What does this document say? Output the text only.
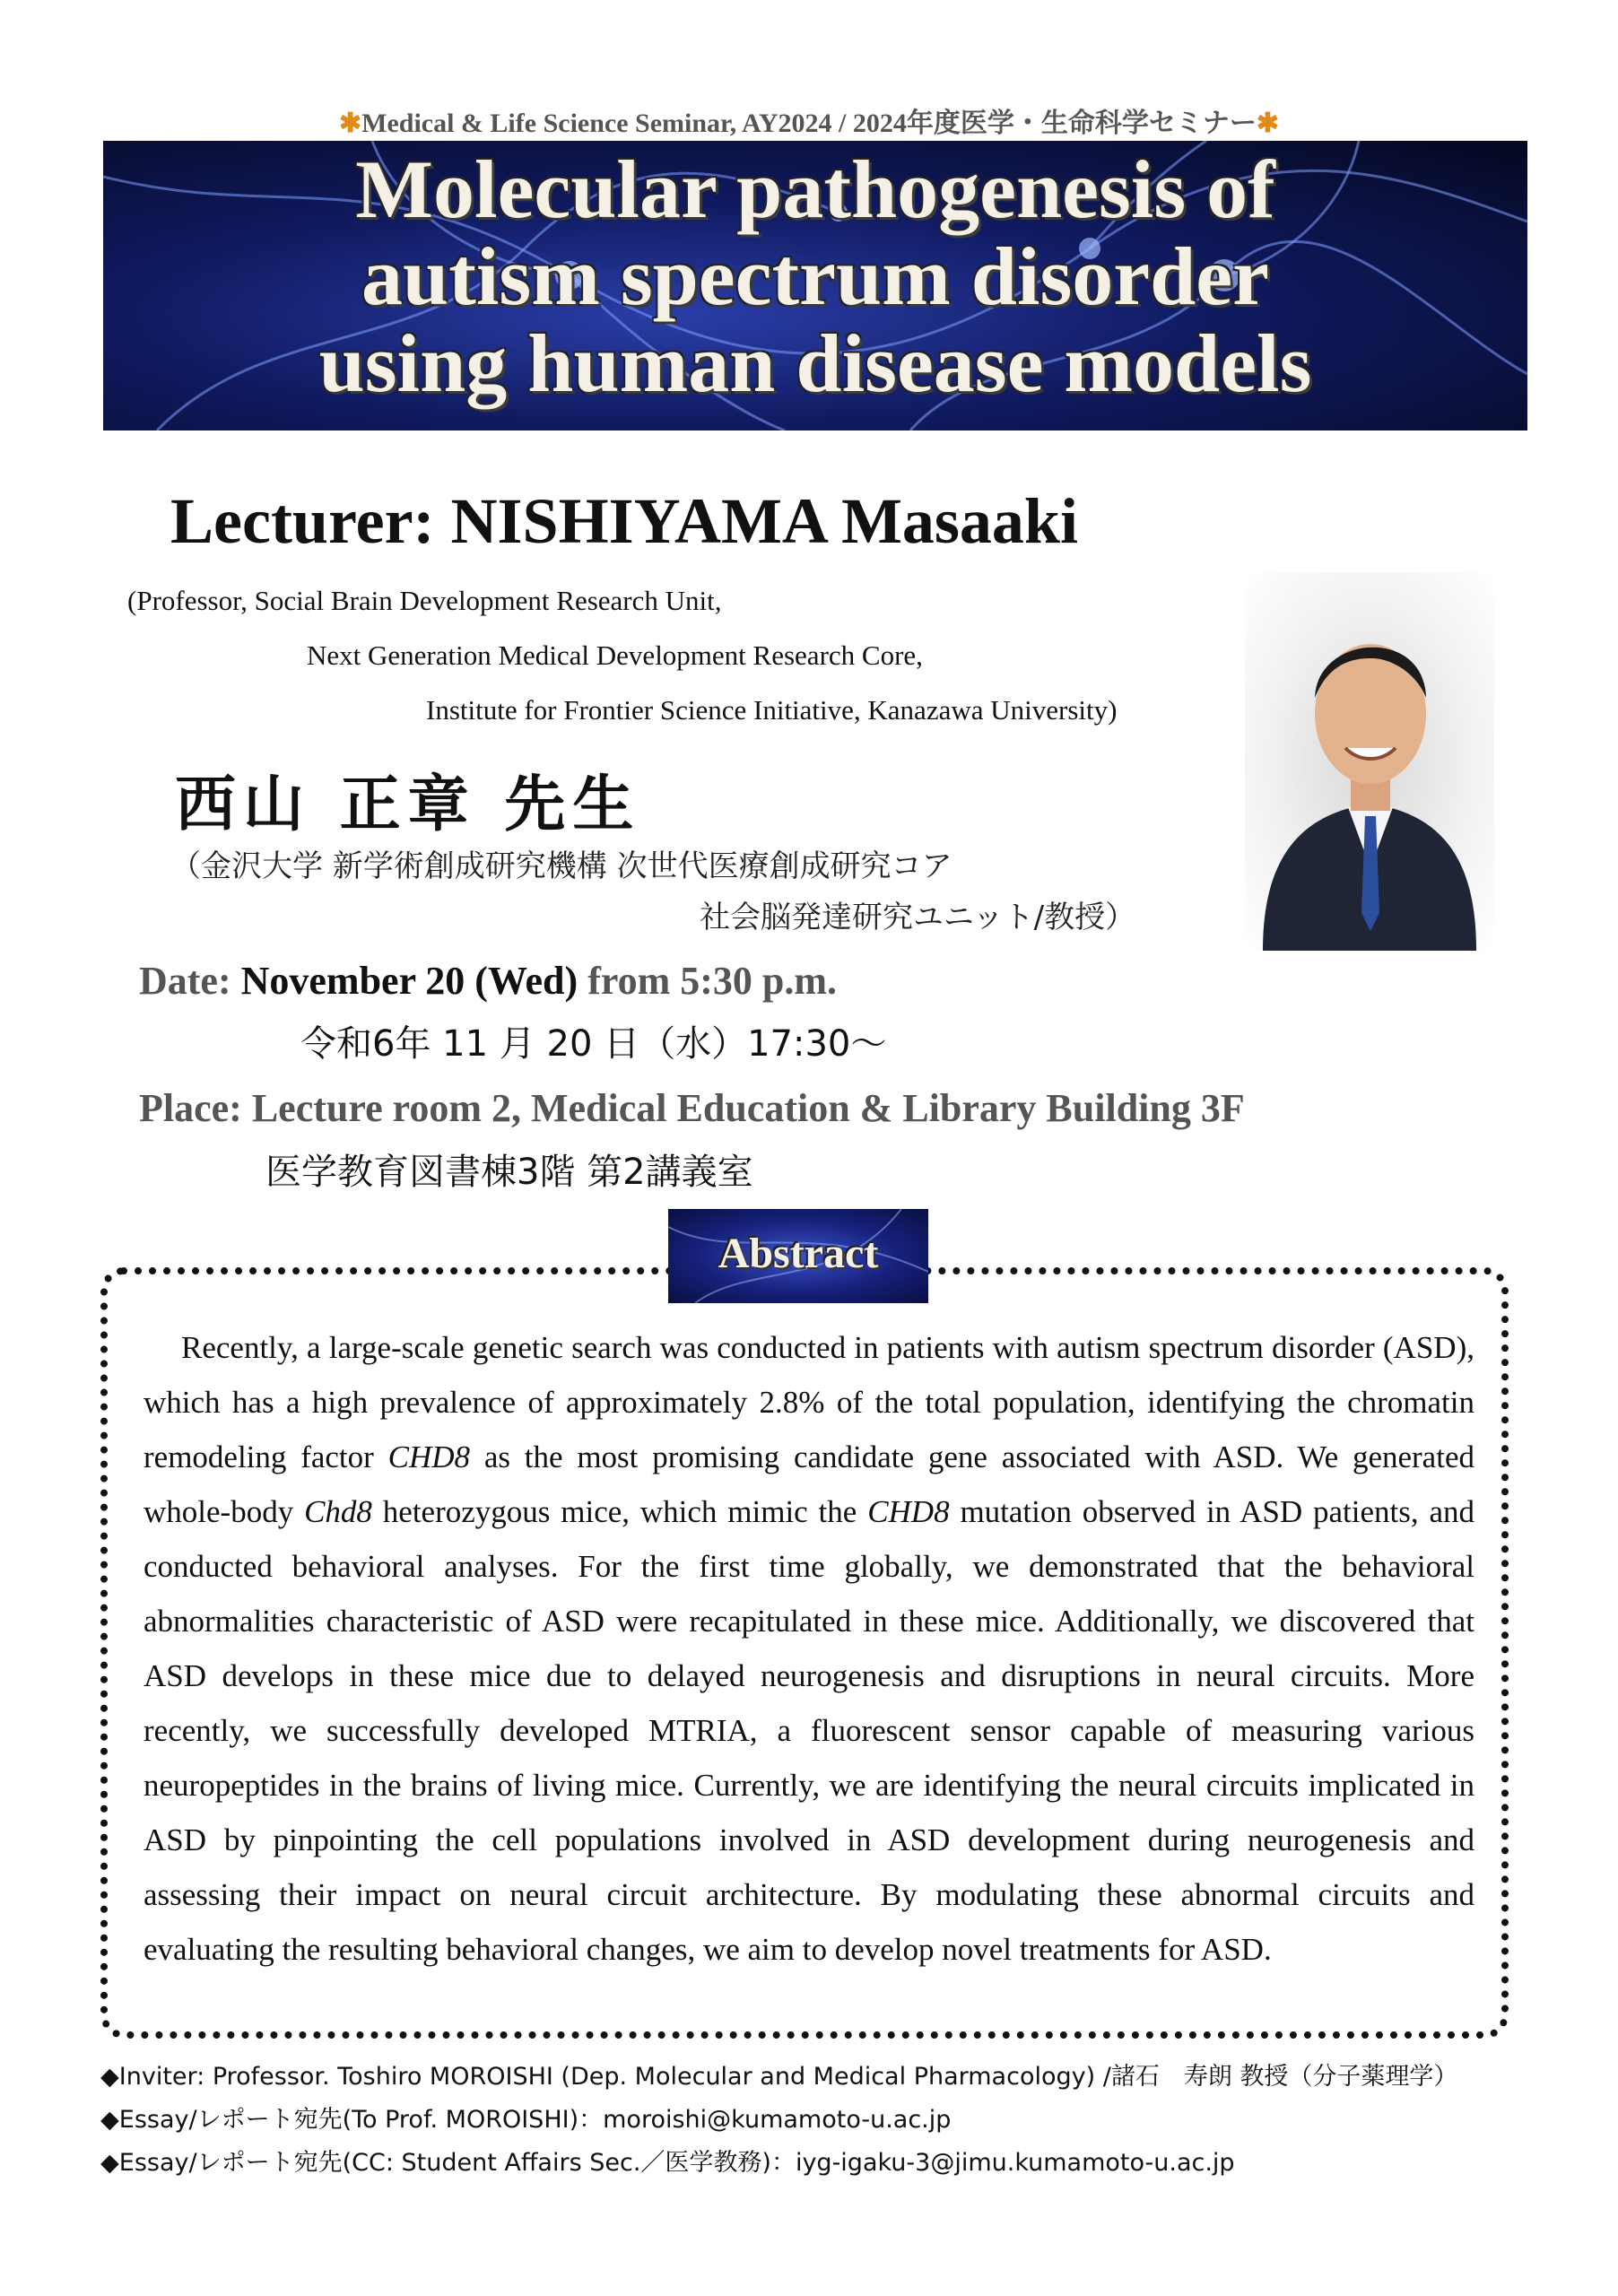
✱Medical & Life Science Seminar, AY2024 / 2024年度医学・生命科学セミナー✱
Molecular pathogenesis of
autism spectrum disorder
using human disease models
Lecturer: NISHIYAMA Masaaki
(Professor, Social Brain Development Research Unit,
Next Generation Medical Development Research Core,
Institute for Frontier Science Initiative, Kanazawa University)
西山 正章 先生
（金沢大学 新学術創成研究機構 次世代医療創成研究コア
社会脳発達研究ユニット/教授）
Date: November 20 (Wed) from 5:30 p.m.
令和6年 11 月 20 日（水）17:30～
Place: Lecture room 2, Medical Education & Library Building 3F
医学教育図書棟3階 第2講義室
Abstract
Recently, a large-scale genetic search was conducted in patients with autism spectrum disorder (ASD), which has a high prevalence of approximately 2.8% of the total population, identifying the chromatin remodeling factor CHD8 as the most promising candidate gene associated with ASD. We generated whole-body Chd8 heterozygous mice, which mimic the CHD8 mutation observed in ASD patients, and conducted behavioral analyses. For the first time globally, we demonstrated that the behavioral abnormalities characteristic of ASD were recapitulated in these mice. Additionally, we discovered that ASD develops in these mice due to delayed neurogenesis and disruptions in neural circuits. More recently, we successfully developed MTRIA, a fluorescent sensor capable of measuring various neuropeptides in the brains of living mice. Currently, we are identifying the neural circuits implicated in ASD by pinpointing the cell populations involved in ASD development during neurogenesis and assessing their impact on neural circuit architecture. By modulating these abnormal circuits and evaluating the resulting behavioral changes, we aim to develop novel treatments for ASD.
◆Inviter: Professor. Toshiro MOROISHI (Dep. Molecular and Medical Pharmacology) /諸石　寿朗 教授（分子薬理学）
◆Essay/レポート宛先(To Prof. MOROISHI)：moroishi@kumamoto-u.ac.jp
◆Essay/レポート宛先(CC: Student Affairs Sec.／医学教務)：iyg-igaku-3@jimu.kumamoto-u.ac.jp
